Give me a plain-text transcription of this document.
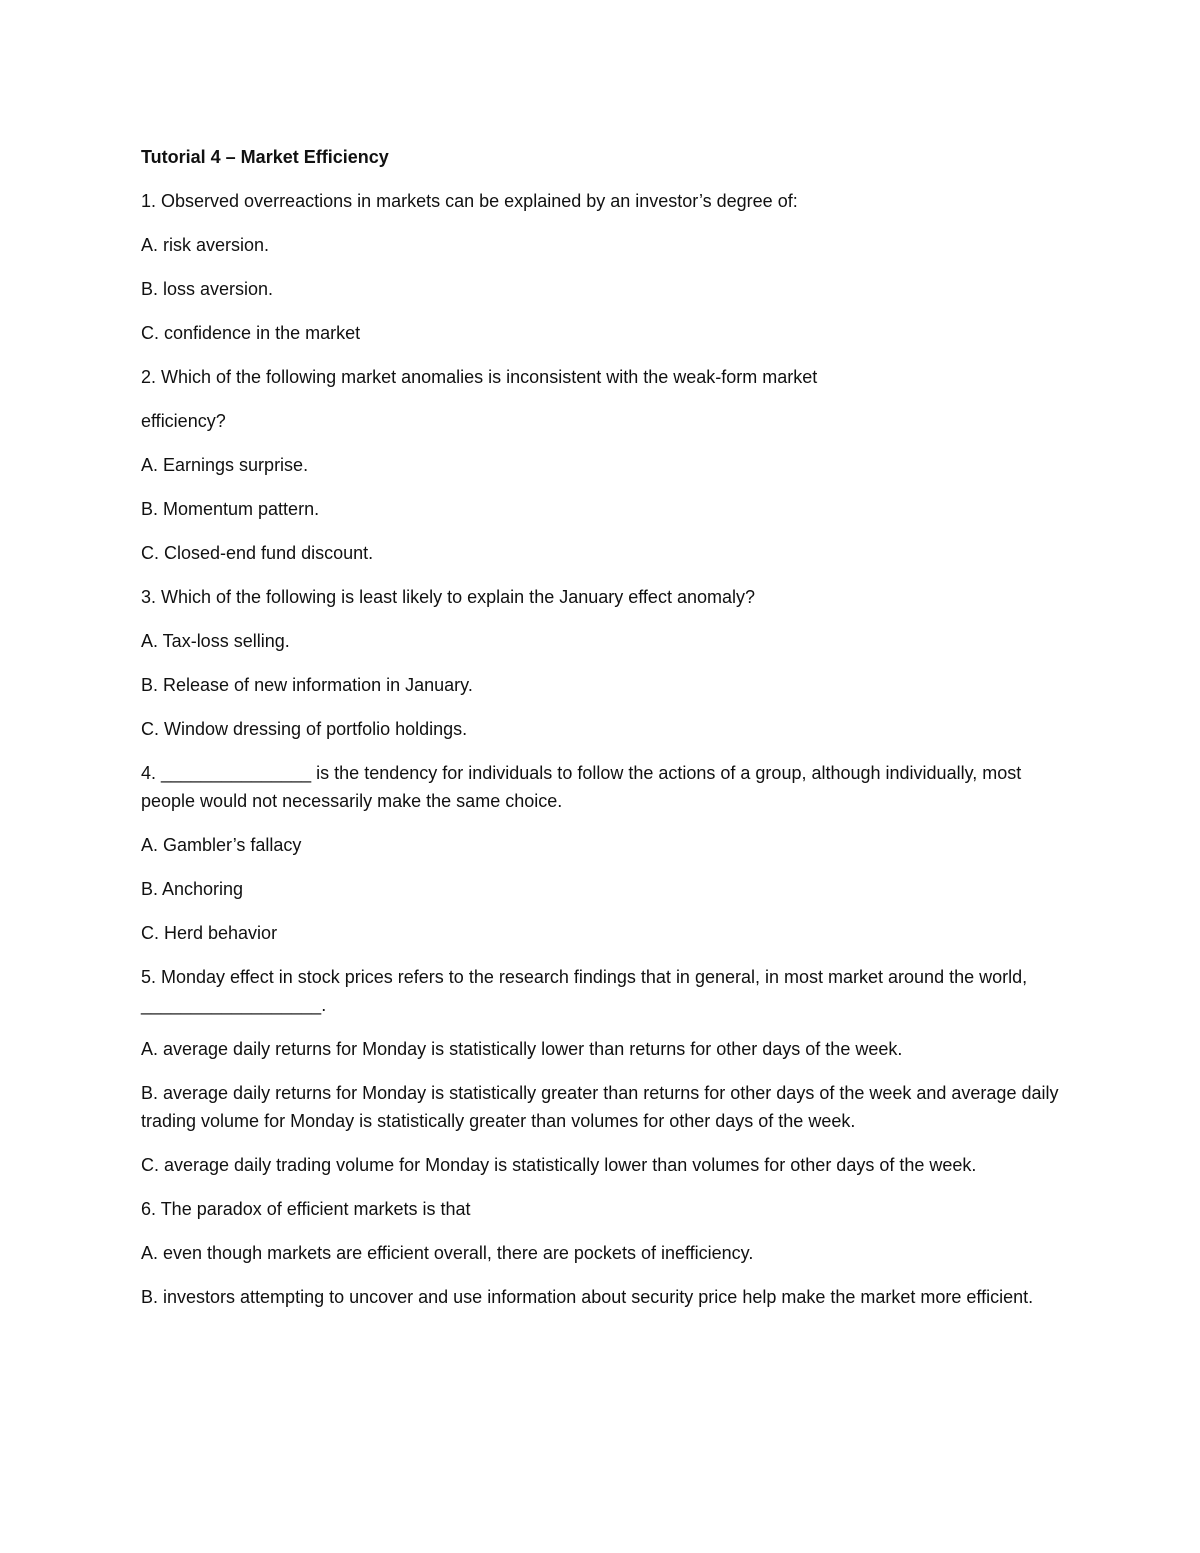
Tutorial 4 – Market Efficiency
1. Observed overreactions in markets can be explained by an investor’s degree of:
A. risk aversion.
B. loss aversion.
C. confidence in the market
2. Which of the following market anomalies is inconsistent with the weak-form market
efficiency?
A. Earnings surprise.
B. Momentum pattern.
C. Closed-end fund discount.
3. Which of the following is least likely to explain the January effect anomaly?
A. Tax-loss selling.
B. Release of new information in January.
C. Window dressing of portfolio holdings.
4. _______________ is the tendency for individuals to follow the actions of a group, although individually, most people would not necessarily make the same choice.
A. Gambler’s fallacy
B. Anchoring
C. Herd behavior
5. Monday effect in stock prices refers to the research findings that in general, in most market around the world, __________________.
A. average daily returns for Monday is statistically lower than returns for other days of the week.
B. average daily returns for Monday is statistically greater than returns for other days of the week and average daily trading volume for Monday is statistically greater than volumes for other days of the week.
C. average daily trading volume for Monday is statistically lower than volumes for other days of the week.
6. The paradox of efficient markets is that
A. even though markets are efficient overall, there are pockets of inefficiency.
B. investors attempting to uncover and use information about security price help make the market more efficient.
